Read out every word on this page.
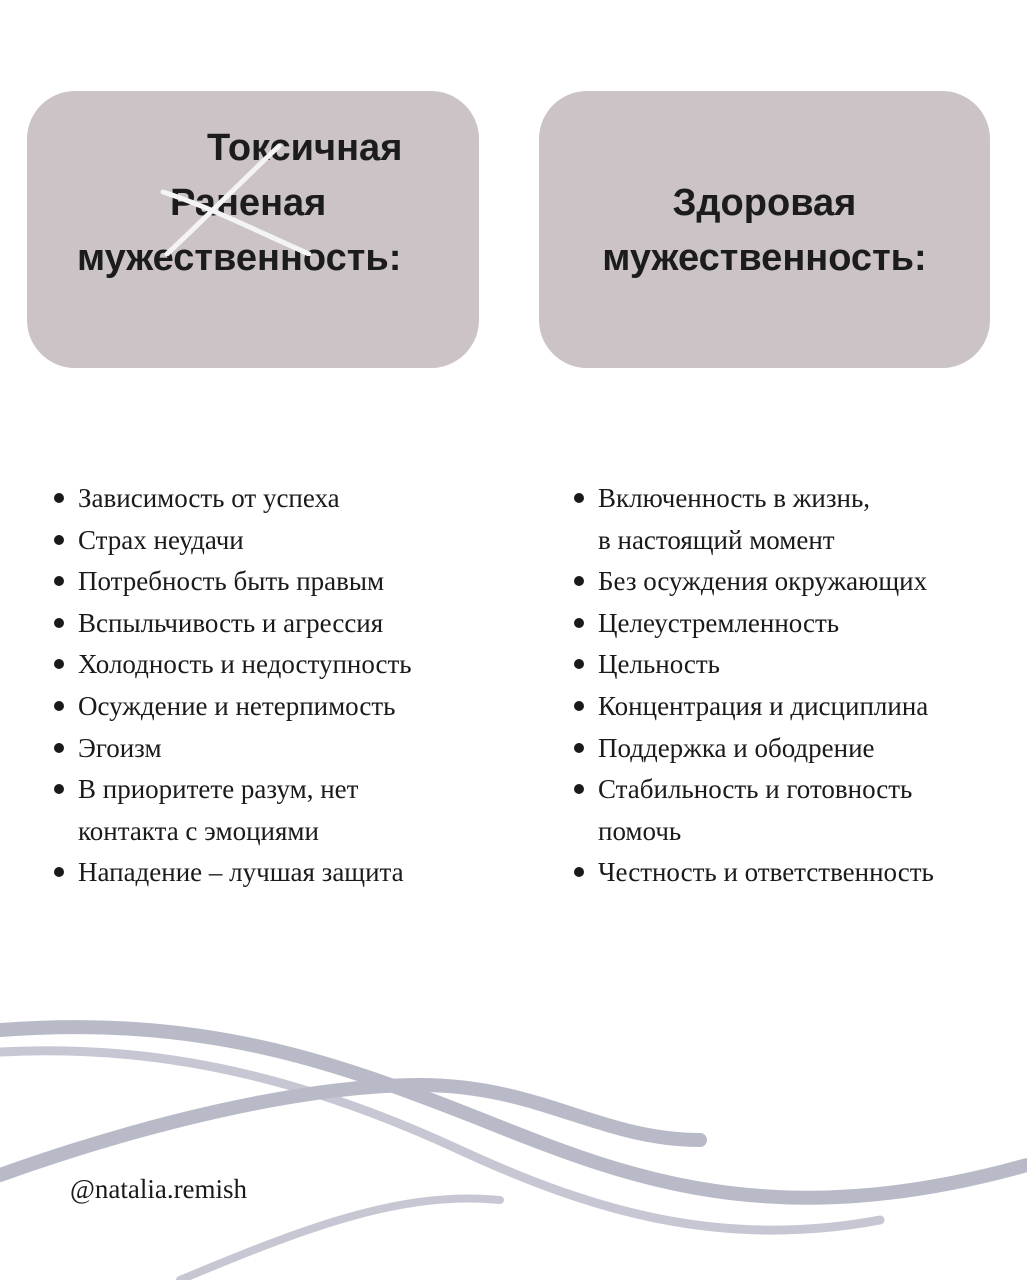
Токсичная
Раненая
мужественность:
Здоровая
мужественность:
Зависимость от успеха
Страх неудачи
Потребность быть правым
Вспыльчивость и агрессия
Холодность и недоступность
Осуждение и нетерпимость
Эгоизм
В приоритете разум, нет
контакта с эмоциями
Нападение – лучшая защита
Включенность в жизнь,
в настоящий момент
Без осуждения окружающих
Целеустремленность
Цельность
Концентрация и дисциплина
Поддержка и ободрение
Стабильность и готовность
помочь
Честность и ответственность
@natalia.remish
